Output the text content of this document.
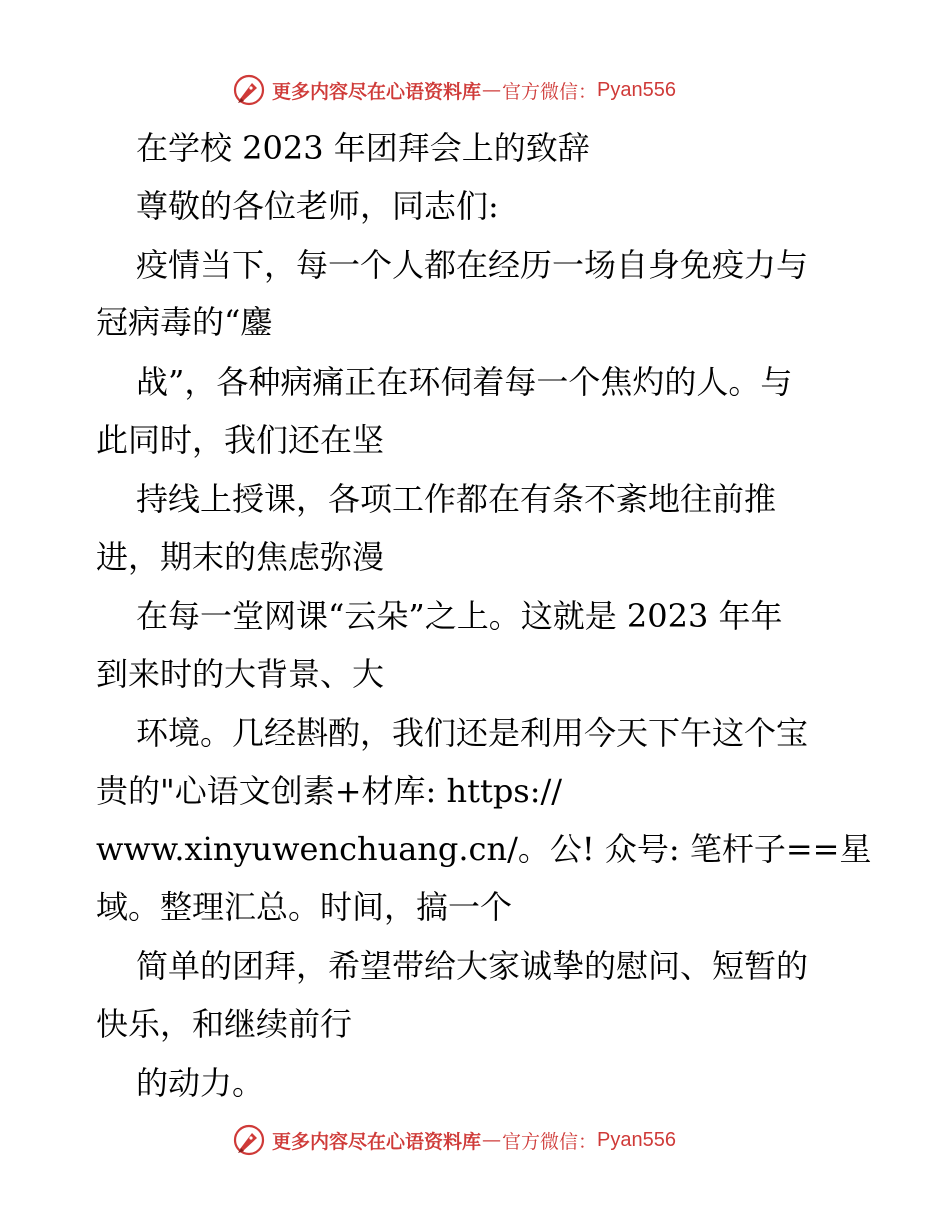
更多内容尽在心语资料库 — 官方微信： Pyan556
在学校 2023 年团拜会上的致辞
尊敬的各位老师，同志们:
疫情当下，每一个人都在经历一场自身免疫力与
冠病毒的“鏖
战”，各种病痛正在环伺着每一个焦灼的人。与
此同时，我们还在坚
持线上授课，各项工作都在有条不紊地往前推
进，期末的焦虑弥漫
在每一堂网课“云朵”之上。这就是 2023 年年
到来时的大背景、大
环境。几经斟酌，我们还是利用今天下午这个宝
贵的"心语文创素+材库: https://
www.xinyuwenchuang.cn/。公! 众号: 笔杆子==星
域。整理汇总。时间，搞一个
简单的团拜，希望带给大家诚挚的慰问、短暂的
快乐，和继续前行
的动力。
更多内容尽在心语资料库 — 官方微信： Pyan556
